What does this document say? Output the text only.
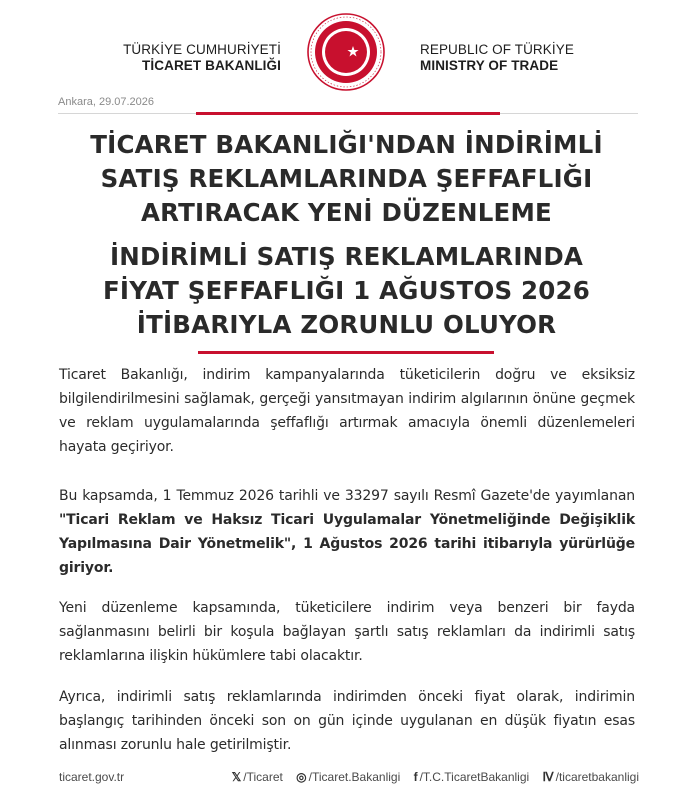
TÜRKİYE CUMHURİYETİ
TİCARET BAKANLIĞI
REPUBLIC OF TÜRKİYE
MINISTRY OF TRADE
Ankara, 29.07.2026
TİCARET BAKANLIĞI'NDAN İNDİRİMLİ
SATIŞ REKLAMLARINDA ŞEFFAFLIĞI
ARTIRACAK YENİ DÜZENLEME
İNDİRİMLİ SATIŞ REKLAMLARINDA
FİYAT ŞEFFAFLIĞI 1 AĞUSTOS 2026
İTİBARIYLA ZORUNLU OLUYOR

Ticaret Bakanlığı, indirim kampanyalarında tüketicilerin doğru ve eksiksiz bilgilendirilmesini sağlamak, gerçeği yansıtmayan indirim algılarının önüne geçmek ve reklam uygulamalarında şeffaflığı artırmak amacıyla önemli düzenlemeleri hayata geçiriyor.

Bu kapsamda, 1 Temmuz 2026 tarihli ve 33297 sayılı Resmî Gazete'de yayımlanan "Ticari Reklam ve Haksız Ticari Uygulamalar Yönetmeliğinde Değişiklik Yapılmasına Dair Yönetmelik", 1 Ağustos 2026 tarihi itibarıyla yürürlüğe giriyor.

Yeni düzenleme kapsamında, tüketicilere indirim veya benzeri bir fayda sağlanmasını belirli bir koşula bağlayan şartlı satış reklamları da indirimli satış reklamlarına ilişkin hükümlere tabi olacaktır.

Ayrıca, indirimli satış reklamlarında indirimden önceki fiyat olarak, indirimin başlangıç tarihinden önceki son on gün içinde uygulanan en düşük fiyatın esas alınması zorunlu hale getirilmiştir.

ticaret.gov.tr	𝕏 /Ticaret ◎ /Ticaret.Bakanligi f /T.C.TicaretBakanligi Ⅳ /ticaretbakanligi
